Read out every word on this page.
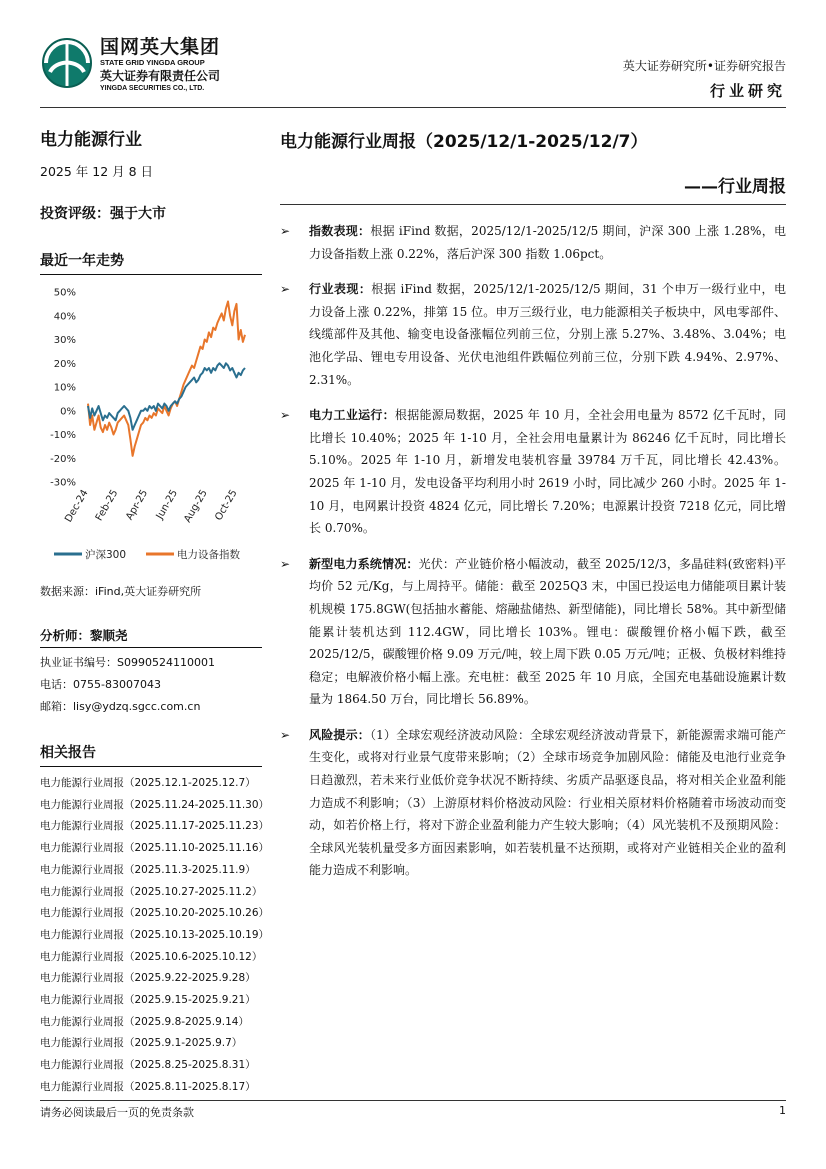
国网英大集团
STATE GRID YINGDA GROUP
英大证券有限责任公司
YINGDA SECURITIES CO., LTD.
英大证券研究所•证券研究报告
行业研究
电力能源行业
2025 年 12 月 8 日
投资评级：强于大市
最近一年走势
50%
40%
30%
20%
10%
0%
-10%
-20%
-30%
Dec-24 Feb-25 Apr-25 Jun-25 Aug-25 Oct-25
沪深300	电力设备指数
数据来源：iFind,英大证券研究所
分析师：黎顺尧
执业证书编号：S0990524110001
电话：0755-83007043
邮箱：lisy@ydzq.sgcc.com.cn
相关报告
电力能源行业周报（2025.12.1-2025.12.7）
电力能源行业周报（2025.11.24-2025.11.30）
电力能源行业周报（2025.11.17-2025.11.23）
电力能源行业周报（2025.11.10-2025.11.16）
电力能源行业周报（2025.11.3-2025.11.9）
电力能源行业周报（2025.10.27-2025.11.2）
电力能源行业周报（2025.10.20-2025.10.26）
电力能源行业周报（2025.10.13-2025.10.19）
电力能源行业周报（2025.10.6-2025.10.12）
电力能源行业周报（2025.9.22-2025.9.28）
电力能源行业周报（2025.9.15-2025.9.21）
电力能源行业周报（2025.9.8-2025.9.14）
电力能源行业周报（2025.9.1-2025.9.7）
电力能源行业周报（2025.8.25-2025.8.31）
电力能源行业周报（2025.8.11-2025.8.17）
电力能源行业周报（2025/12/1-2025/12/7）
——行业周报
➢ 指数表现：根据 iFind 数据，2025/12/1-2025/12/5 期间，沪深 300 上涨 1.28%，电力设备指数上涨 0.22%，落后沪深 300 指数 1.06pct。
➢ 行业表现：根据 iFind 数据，2025/12/1-2025/12/5 期间，31 个申万一级行业中，电力设备上涨 0.22%，排第 15 位。申万三级行业，电力能源相关子板块中，风电零部件、线缆部件及其他、输变电设备涨幅位列前三位，分别上涨 5.27%、3.48%、3.04%；电池化学品、锂电专用设备、光伏电池组件跌幅位列前三位，分别下跌 4.94%、2.97%、2.31%。
➢ 电力工业运行：根据能源局数据，2025 年 10 月，全社会用电量为 8572 亿千瓦时，同比增长 10.40%；2025 年 1-10 月，全社会用电量累计为 86246 亿千瓦时，同比增长 5.10%。2025 年 1-10 月，新增发电装机容量 39784 万千瓦，同比增长 42.43%。2025 年 1-10 月，发电设备平均利用小时 2619 小时，同比减少 260 小时。2025 年 1-10 月，电网累计投资 4824 亿元，同比增长 7.20%；电源累计投资 7218 亿元，同比增长 0.70%。
➢ 新型电力系统情况：光伏：产业链价格小幅波动，截至 2025/12/3，多晶硅料(致密料)平均价 52 元/Kg，与上周持平。储能：截至 2025Q3 末，中国已投运电力储能项目累计装机规模 175.8GW(包括抽水蓄能、熔融盐储热、新型储能)，同比增长 58%。其中新型储能累计装机达到 112.4GW，同比增长 103%。锂电：碳酸锂价格小幅下跌，截至 2025/12/5，碳酸锂价格 9.09 万元/吨，较上周下跌 0.05 万元/吨；正极、负极材料维持稳定；电解液价格小幅上涨。充电桩：截至 2025 年 10 月底，全国充电基础设施累计数量为 1864.50 万台，同比增长 56.89%。
➢ 风险提示：（1）全球宏观经济波动风险：全球宏观经济波动背景下，新能源需求端可能产生变化，或将对行业景气度带来影响；（2）全球市场竞争加剧风险：储能及电池行业竞争日趋激烈，若未来行业低价竞争状况不断持续、劣质产品驱逐良品，将对相关企业盈利能力造成不利影响；（3）上游原材料价格波动风险：行业相关原材料价格随着市场波动而变动，如若价格上行，将对下游企业盈利能力产生较大影响；（4）风光装机不及预期风险：全球风光装机量受多方面因素影响，如若装机量不达预期，或将对产业链相关企业的盈利能力造成不利影响。
请务必阅读最后一页的免责条款	1
